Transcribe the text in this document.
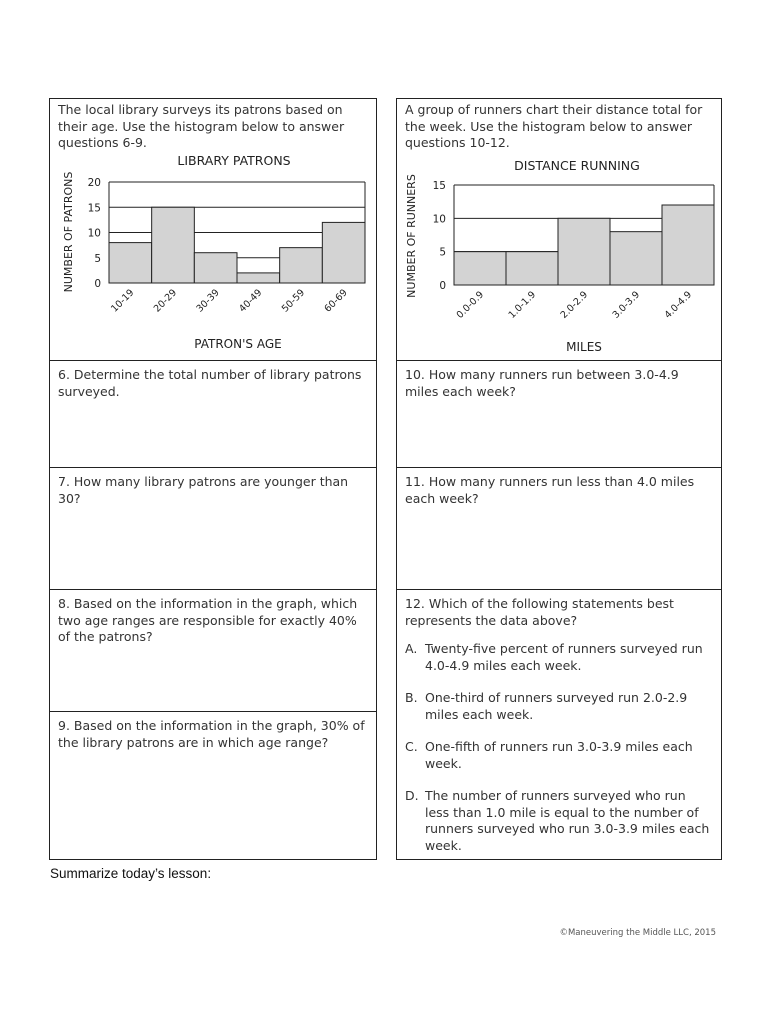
The local library surveys its patrons based on their age. Use the histogram below to answer questions 6-9.
LIBRARY PATRONS
0
5
10
15
20
10-19 20-29 30-39 40-49 50-59 60-69
PATRON'S AGE
NUMBER OF PATRONS
6. Determine the total number of library patrons surveyed.
7. How many library patrons are younger than 30?
8. Based on the information in the graph, which two age ranges are responsible for exactly 40% of the patrons?
9. Based on the information in the graph, 30% of the library patrons are in which age range?
A group of runners chart their distance total for the week. Use the histogram below to answer questions 10-12.
DISTANCE RUNNING
0
5
10
15
0.0-0.9 1.0-1.9 2.0-2.9 3.0-3.9 4.0-4.9
MILES
NUMBER OF RUNNERS
10. How many runners run between 3.0-4.9 miles each week?
11. How many runners run less than 4.0 miles each week?
12. Which of the following statements best represents the data above?
A. Twenty-five percent of runners surveyed run 4.0-4.9 miles each week.
B. One-third of runners surveyed run 2.0-2.9 miles each week.
C. One-fifth of runners run 3.0-3.9 miles each week.
D. The number of runners surveyed who run less than 1.0 mile is equal to the number of runners surveyed who run 3.0-3.9 miles each week.
Summarize today’s lesson:
©Maneuvering the Middle LLC, 2015
